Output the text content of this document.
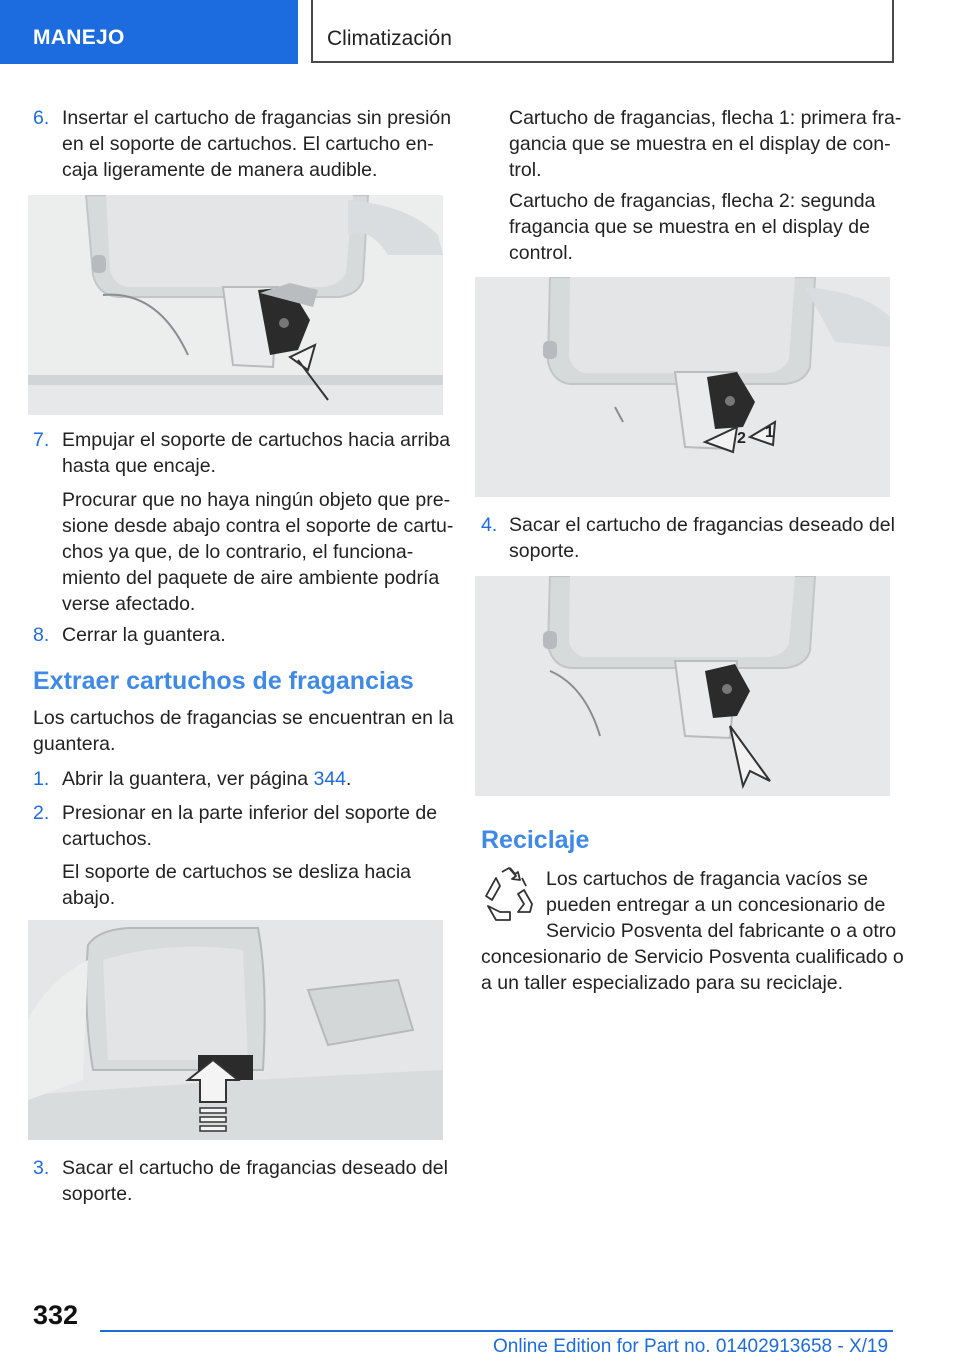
MANEJO	Climatización
6. Insertar el cartucho de fragancias sin presión
en el soporte de cartuchos. El cartucho en‐
caja ligeramente de manera audible.
7. Empujar el soporte de cartuchos hacia arriba
hasta que encaje.
Procurar que no haya ningún objeto que pre‐
sione desde abajo contra el soporte de cartu‐
chos ya que, de lo contrario, el funciona‐
miento del paquete de aire ambiente podría
verse afectado.
8. Cerrar la guantera.
Extraer cartuchos de fragancias
Los cartuchos de fragancias se encuentran en la
guantera.
1. Abrir la guantera, ver página 344.
2. Presionar en la parte inferior del soporte de
cartuchos.
El soporte de cartuchos se desliza hacia
abajo.
3. Sacar el cartucho de fragancias deseado del
soporte.
Cartucho de fragancias, flecha 1: primera fra‐
gancia que se muestra en el display de con‐
trol.
Cartucho de fragancias, flecha 2: segunda
fragancia que se muestra en el display de
control.
2 1
4. Sacar el cartucho de fragancias deseado del
soporte.
Reciclaje
Los cartuchos de fragancia vacíos se
pueden entregar a un concesionario de
Servicio Posventa del fabricante o a otro
concesionario de Servicio Posventa cualificado o
a un taller especializado para su reciclaje.
332
Online Edition for Part no. 01402913658 - X/19
